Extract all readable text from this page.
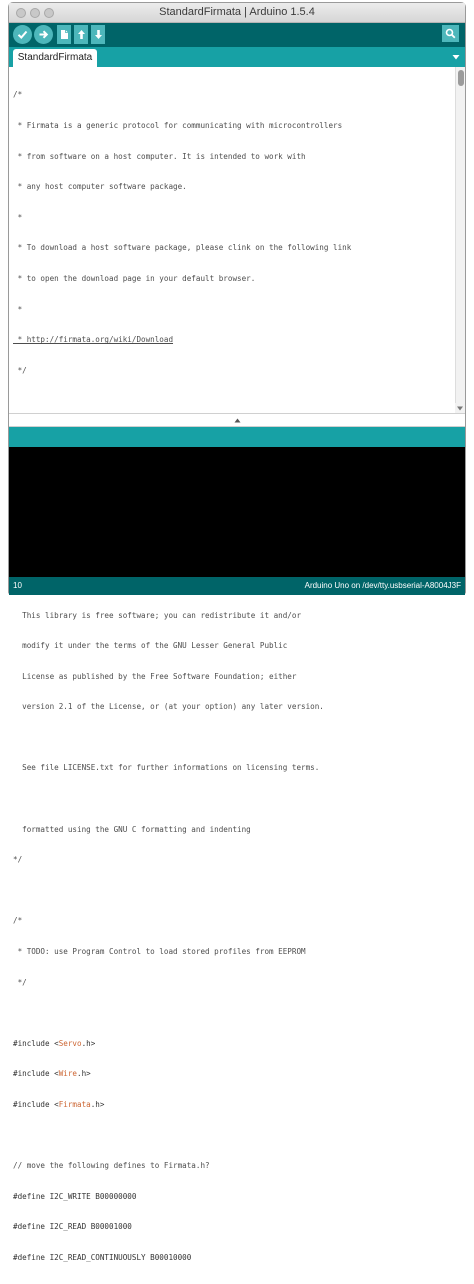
StandardFirmata | Arduino 1.5.4
StandardFirmata

/*

* Firmata is a generic protocol for communicating with microcontrollers

* from software on a host computer. It is intended to work with

* any host computer software package.

*

* To download a host software package, please clink on the following link

* to open the download page in your default browser.

*

* http://firmata.org/wiki/Download

*/

This library is free software; you can redistribute it and/or

modify it under the terms of the GNU Lesser General Public

License as published by the Free Software Foundation; either

version 2.1 of the License, or (at your option) any later version.

See file LICENSE.txt for further informations on licensing terms.

formatted using the GNU C formatting and indenting

*/

/*

* TODO: use Program Control to load stored profiles from EEPROM

*/

#include <Servo.h>

#include <Wire.h>

#include <Firmata.h>

// move the following defines to Firmata.h?

#define I2C_WRITE B00000000

#define I2C_READ B00001000

#define I2C_READ_CONTINUOUSLY B00010000

10	Arduino Uno on /dev/tty.usbserial-A8004J3F
